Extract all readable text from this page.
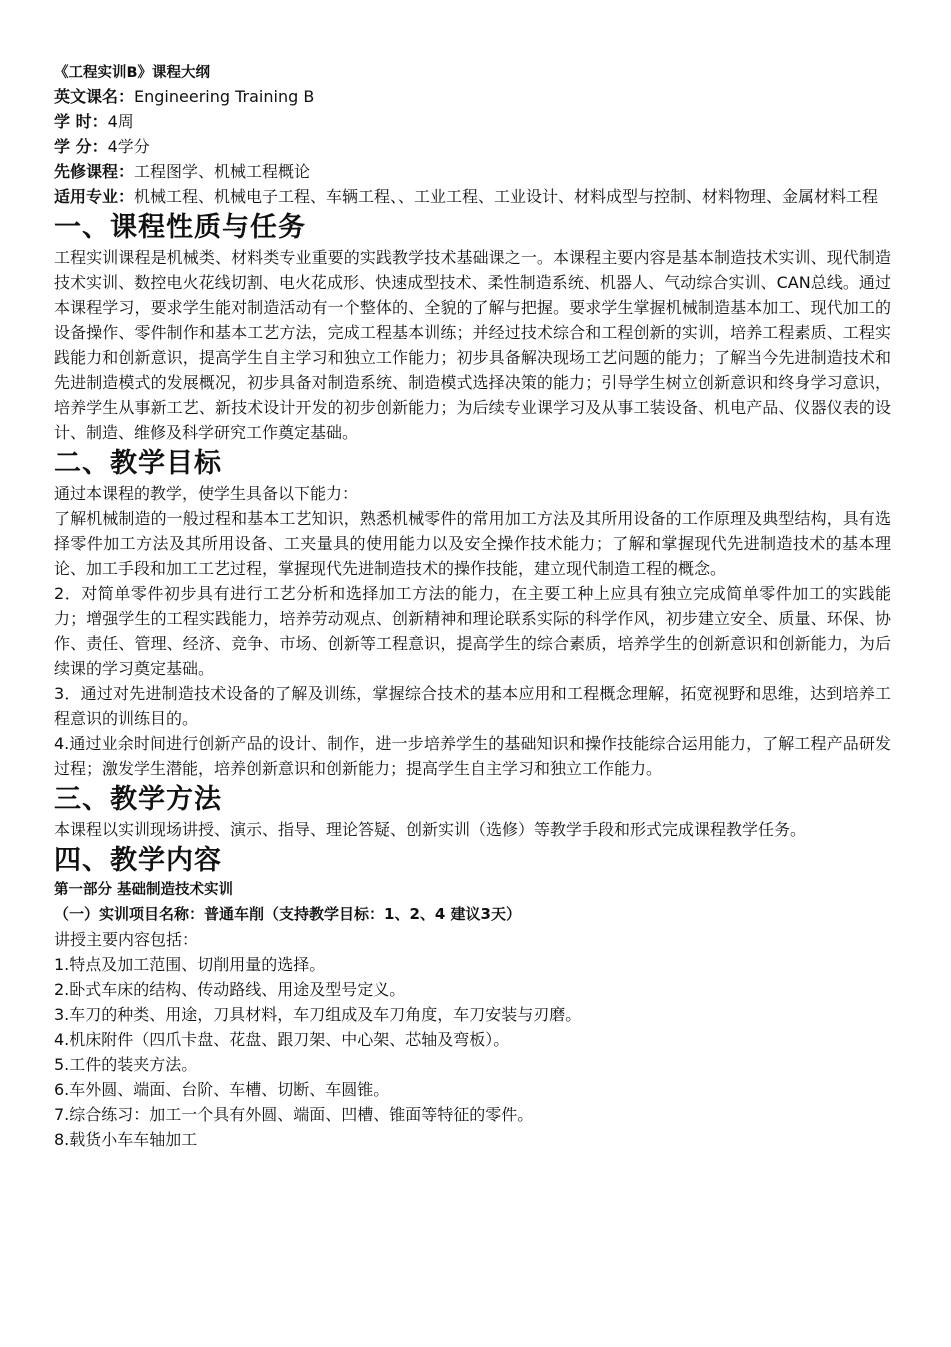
《工程实训B》课程大纲
英文课名：Engineering Training B
学 时：4周
学 分：4学分
先修课程：工程图学、机械工程概论
适用专业：机械工程、机械电子工程、车辆工程、、工业工程、工业设计、材料成型与控制、材料物理、金属材料工程
一、课程性质与任务
工程实训课程是机械类、材料类专业重要的实践教学技术基础课之一。本课程主要内容是基本制造技术实训、现代制造技术实训、数控电火花线切割、电火花成形、快速成型技术、柔性制造系统、机器人、气动综合实训、CAN总线。通过本课程学习，要求学生能对制造活动有一个整体的、全貌的了解与把握。要求学生掌握机械制造基本加工、现代加工的设备操作、零件制作和基本工艺方法，完成工程基本训练；并经过技术综合和工程创新的实训，培养工程素质、工程实践能力和创新意识，提高学生自主学习和独立工作能力；初步具备解决现场工艺问题的能力；了解当今先进制造技术和先进制造模式的发展概况，初步具备对制造系统、制造模式选择决策的能力；引导学生树立创新意识和终身学习意识，培养学生从事新工艺、新技术设计开发的初步创新能力；为后续专业课学习及从事工装设备、机电产品、仪器仪表的设计、制造、维修及科学研究工作奠定基础。
二、教学目标
通过本课程的教学，使学生具备以下能力：
了解机械制造的一般过程和基本工艺知识，熟悉机械零件的常用加工方法及其所用设备的工作原理及典型结构，具有选择零件加工方法及其所用设备、工夹量具的使用能力以及安全操作技术能力；了解和掌握现代先进制造技术的基本理论、加工手段和加工工艺过程，掌握现代先进制造技术的操作技能，建立现代制造工程的概念。
2．对简单零件初步具有进行工艺分析和选择加工方法的能力，在主要工种上应具有独立完成简单零件加工的实践能力；增强学生的工程实践能力，培养劳动观点、创新精神和理论联系实际的科学作风，初步建立安全、质量、环保、协作、责任、管理、经济、竞争、市场、创新等工程意识，提高学生的综合素质，培养学生的创新意识和创新能力，为后续课的学习奠定基础。
3．通过对先进制造技术设备的了解及训练，掌握综合技术的基本应用和工程概念理解，拓宽视野和思维，达到培养工程意识的训练目的。
4.通过业余时间进行创新产品的设计、制作，进一步培养学生的基础知识和操作技能综合运用能力，了解工程产品研发过程；激发学生潜能，培养创新意识和创新能力；提高学生自主学习和独立工作能力。
三、教学方法
本课程以实训现场讲授、演示、指导、理论答疑、创新实训（选修）等教学手段和形式完成课程教学任务。
四、教学内容
第一部分 基础制造技术实训
（一）实训项目名称：普通车削（支持教学目标：1、2、4 建议3天）
讲授主要内容包括：
1.特点及加工范围、切削用量的选择。
2.卧式车床的结构、传动路线、用途及型号定义。
3.车刀的种类、用途，刀具材料，车刀组成及车刀角度，车刀安装与刃磨。
4.机床附件（四爪卡盘、花盘、跟刀架、中心架、芯轴及弯板）。
5.工件的装夹方法。
6.车外圆、端面、台阶、车槽、切断、车圆锥。
7.综合练习：加工一个具有外圆、端面、凹槽、锥面等特征的零件。
8.载货小车车轴加工
